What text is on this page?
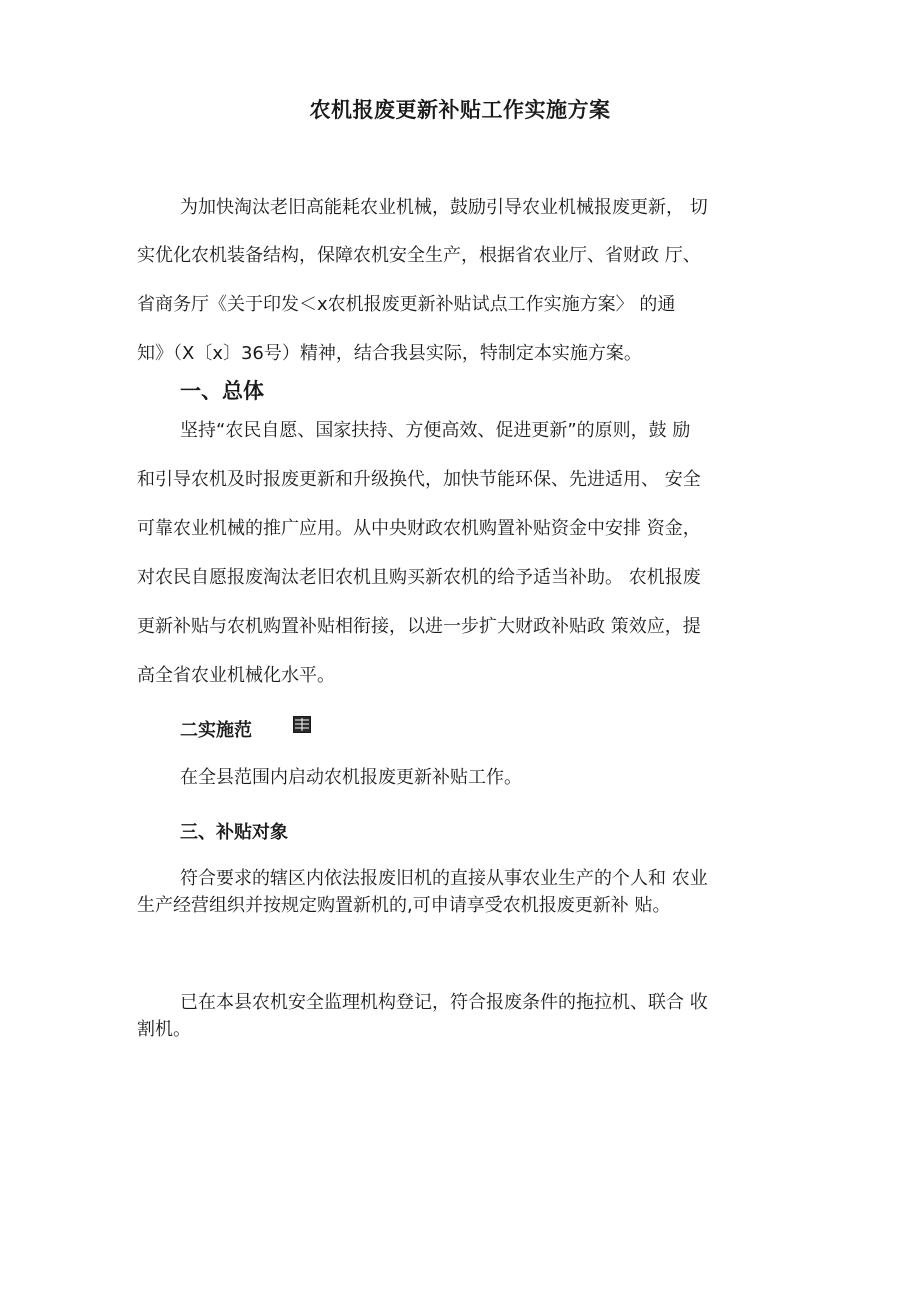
农机报废更新补贴工作实施方案
为加快淘汰老旧高能耗农业机械，鼓励引导农业机械报废更新， 切
实优化农机装备结构，保障农机安全生产，根据省农业厅、省财政 厅、
省商务厅《关于印发＜x农机报废更新补贴试点工作实施方案〉 的通
知》（X〔x〕36号）精神，结合我县实际，特制定本实施方案。
一、总体
坚持“农民自愿、国家扶持、方便高效、促进更新”的原则，鼓 励
和引导农机及时报废更新和升级换代，加快节能环保、先进适用、 安全
可靠农业机械的推广应用。从中央财政农机购置补贴资金中安排 资金，
对农民自愿报废淘汰老旧农机且购买新农机的给予适当补助。 农机报废
更新补贴与农机购置补贴相衔接，以进一步扩大财政补贴政 策效应，提
高全省农业机械化水平。
二实施范
在全县范围内启动农机报废更新补贴工作。
三、补贴对象
符合要求的辖区内依法报废旧机的直接从事农业生产的个人和 农业
生产经营组织并按规定购置新机的,可申请享受农机报废更新补 贴。
已在本县农机安全监理机构登记，符合报废条件的拖拉机、联合 收
割机。
